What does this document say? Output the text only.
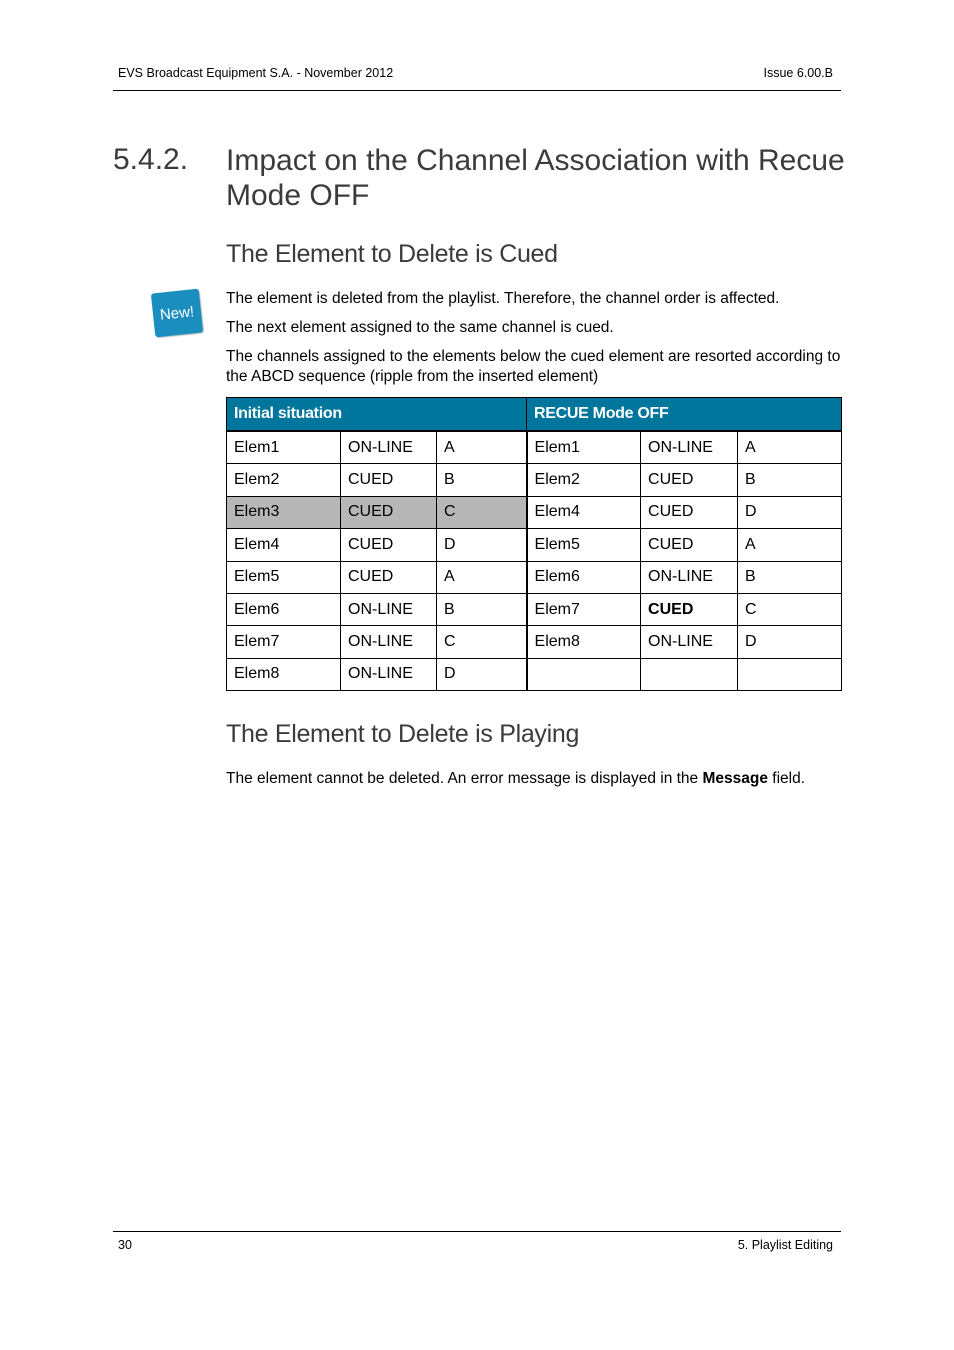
EVS Broadcast Equipment S.A. - November 2012	Issue 6.00.B
5.4.2. Impact on the Channel Association with Recue Mode OFF
The Element to Delete is Cued
New!
The element is deleted from the playlist. Therefore, the channel order is affected.
The next element assigned to the same channel is cued.
The channels assigned to the elements below the cued element are resorted according to the ABCD sequence (ripple from the inserted element)
Initial situation			RECUE Mode OFF		
Elem1	ON-LINE	A	Elem1	ON-LINE	A
Elem2	CUED	B	Elem2	CUED	B
Elem3	CUED	C	Elem4	CUED	D
Elem4	CUED	D	Elem5	CUED	A
Elem5	CUED	A	Elem6	ON-LINE	B
Elem6	ON-LINE	B	Elem7	CUED	C
Elem7	ON-LINE	C	Elem8	ON-LINE	D
Elem8	ON-LINE	D			
The Element to Delete is Playing
The element cannot be deleted. An error message is displayed in the Message field.
30	5. Playlist Editing
